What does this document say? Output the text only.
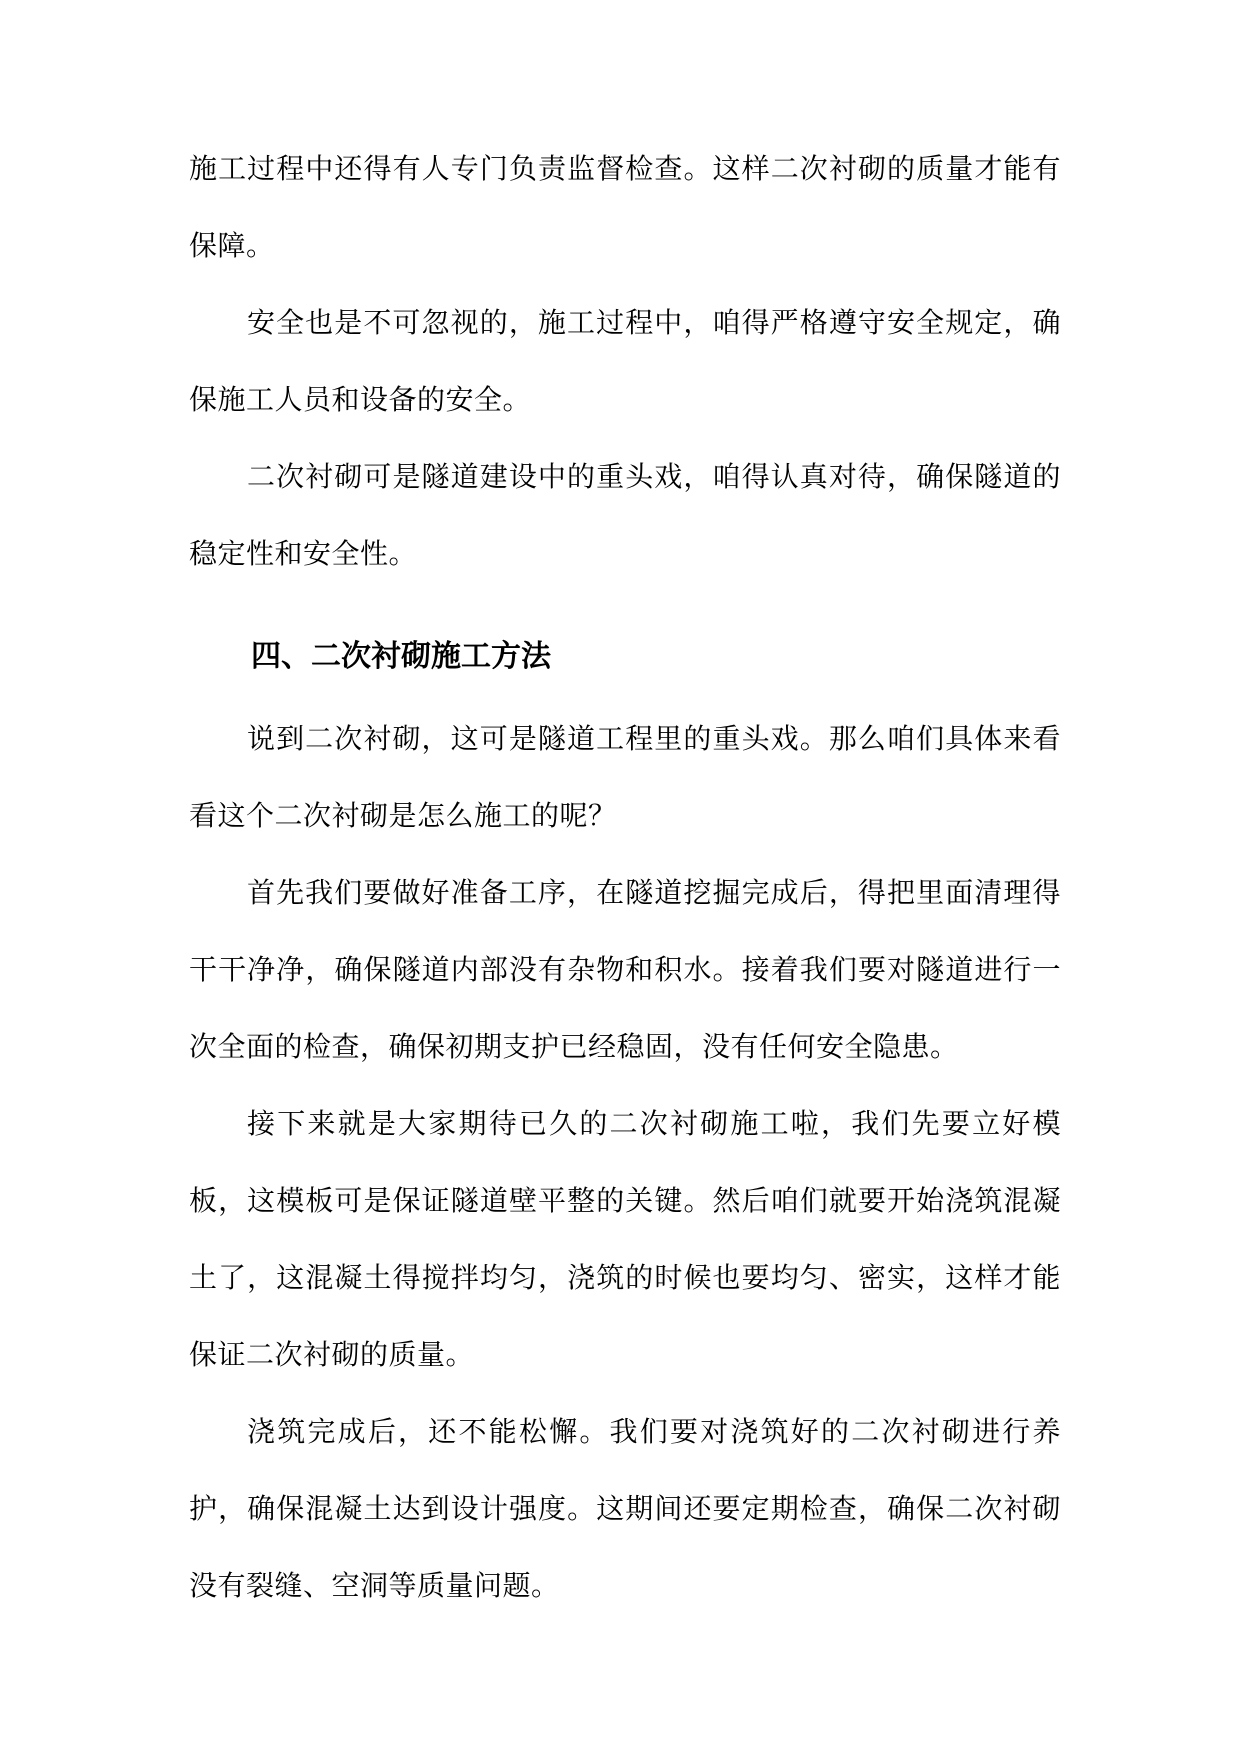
施工过程中还得有人专门负责监督检查。这样二次衬砌的质量才能有保障。

安全也是不可忽视的，施工过程中，咱得严格遵守安全规定，确保施工人员和设备的安全。

二次衬砌可是隧道建设中的重头戏，咱得认真对待，确保隧道的稳定性和安全性。

四、二次衬砌施工方法

说到二次衬砌，这可是隧道工程里的重头戏。那么咱们具体来看看这个二次衬砌是怎么施工的呢？

首先我们要做好准备工序，在隧道挖掘完成后，得把里面清理得干干净净，确保隧道内部没有杂物和积水。接着我们要对隧道进行一次全面的检查，确保初期支护已经稳固，没有任何安全隐患。

接下来就是大家期待已久的二次衬砌施工啦，我们先要立好模板，这模板可是保证隧道壁平整的关键。然后咱们就要开始浇筑混凝土了，这混凝土得搅拌均匀，浇筑的时候也要均匀、密实，这样才能保证二次衬砌的质量。

浇筑完成后，还不能松懈。我们要对浇筑好的二次衬砌进行养护，确保混凝土达到设计强度。这期间还要定期检查，确保二次衬砌没有裂缝、空洞等质量问题。
